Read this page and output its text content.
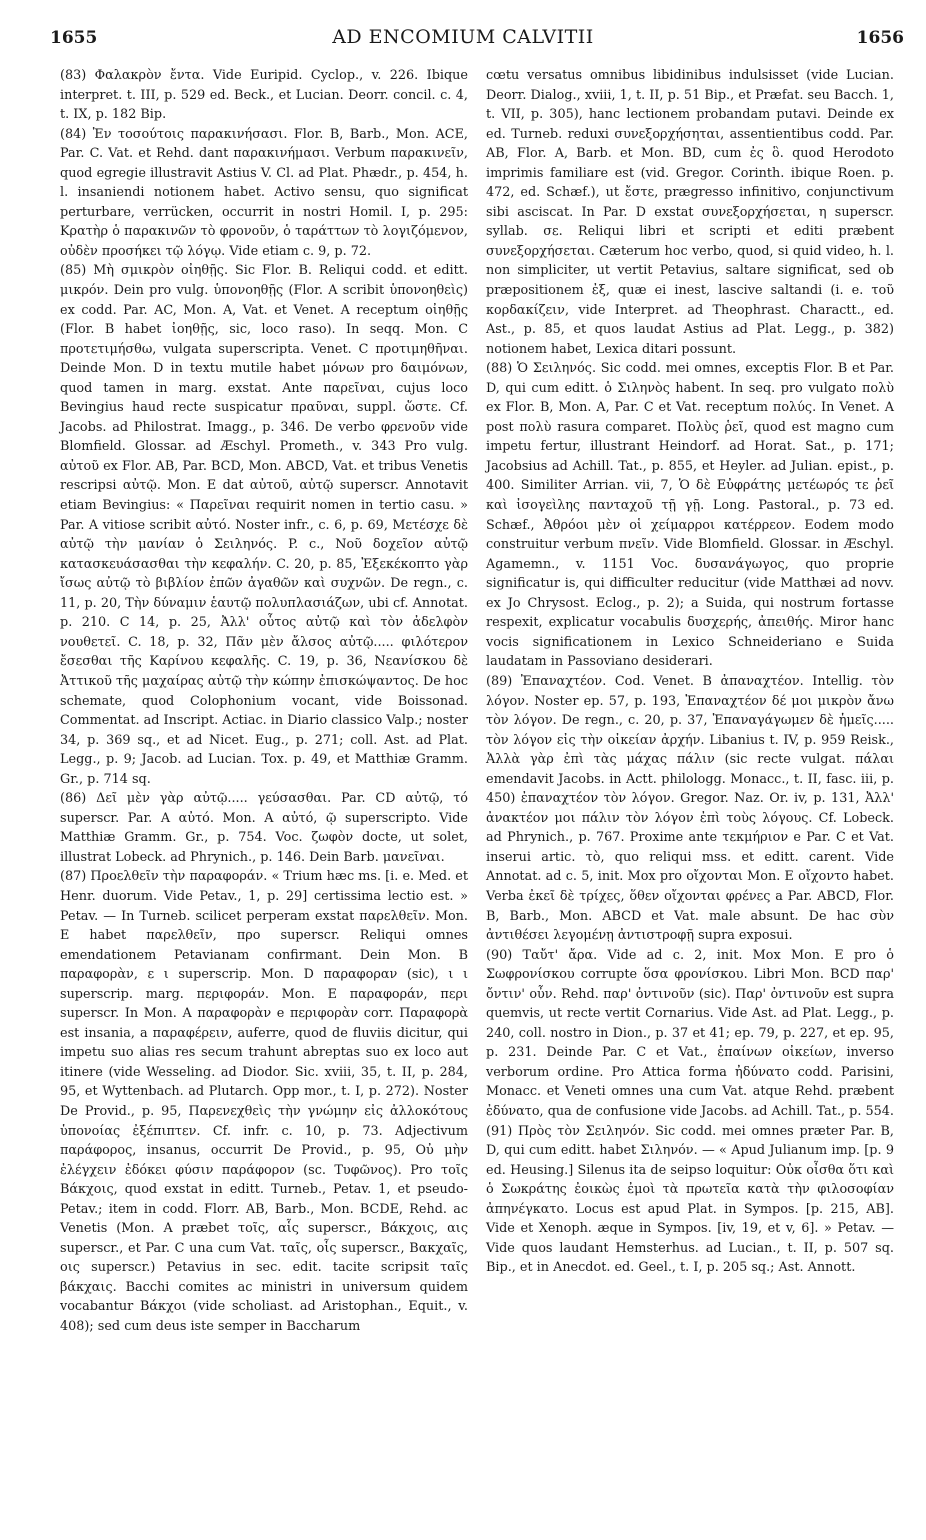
1655	AD ENCOMIUM CALVITII	1656

(83) Φαλακρὸν ἔντα. Vide Euripid. Cyclop., v. 226. Ibique interpret. t. III, p. 529 ed. Beck., et Lucian. Deorr. concil. c. 4, t. IX, p. 182 Bip.

(84) Ἐν τοσούτοις παρακινήσασι. Flor. B, Barb., Mon. ACE, Par. C. Vat. et Rehd. dant παρακινήμασι. Verbum παρακινεῖν, quod egregie illustravit Astius V. Cl. ad Plat. Phædr., p. 454, h. l. insaniendi notionem habet. Activo sensu, quo significat perturbare, verrücken, occurrit in nostri Homil. I, p. 295: Κρατὴρ ὁ παρακινῶν τὸ φρονοῦν, ὁ ταράττων τὸ λογιζόμενον, οὐδὲν προσήκει τῷ λόγῳ. Vide etiam c. 9, p. 72.

(85) Μὴ σμικρὸν οἰηθῇς. Sic Flor. B. Reliqui codd. et editt. μικρόν. Dein pro vulg. ὑπονοηθῇς (Flor. A scribit ὑπονοηθεὶς) ex codd. Par. AC, Mon. A, Vat. et Venet. A receptum οἰηθῇς (Flor. B habet ἰοηθῇς, sic, loco raso). In seqq. Mon. C προτετιμήσθω, vulgata superscripta. Venet. C προτιμηθῆναι. Deinde Mon. D in textu mutile habet μόνων pro δαιμόνων, quod tamen in marg. exstat. Ante παρεῖναι, cujus loco Bevingius haud recte suspicatur πραῦναι, suppl. ὥστε. Cf. Jacobs. ad Philostrat. Imagg., p. 346. De verbo φρενοῦν vide Blomfield. Glossar. ad Æschyl. Prometh., v. 343 Pro vulg. αὐτοῦ ex Flor. AB, Par. BCD, Mon. ABCD, Vat. et tribus Venetis rescripsi αὐτῷ. Mon. E dat αὐτοῦ, αὐτῷ superscr. Annotavit etiam Bevingius: « Παρεῖναι requirit nomen in tertio casu. » Par. A vitiose scribit αὐτό. Noster infr., c. 6, p. 69, Μετέσχε δὲ αὐτῷ τὴν μανίαν ὁ Σειληνός. P. c., Νοῦ δοχεῖον αὐτῷ κατασκευάσασθαι τὴν κεφαλήν. C. 20, p. 85, Ἐξεκέκοπτο γὰρ ἴσως αὐτῷ τὸ βιβλίον ἐπῶν ἀγαθῶν καὶ συχνῶν. De regn., c. 11, p. 20, Τὴν δύναμιν ἑαυτῷ πολυπλασιάζων, ubi cf. Annotat. p. 210. C 14, p. 25, Ἀλλ' οὗτος αὐτῷ καὶ τὸν ἀδελφὸν νουθετεῖ. C. 18, p. 32, Πᾶν μὲν ἄλσος αὐτῷ..... φιλότερον ἔσεσθαι τῆς Καρίνου κεφαλῆς. C. 19, p. 36, Νεανίσκου δὲ Ἀττικοῦ τῆς μαχαίρας αὐτῷ τὴν κώπην ἐπισκώψαντος. De hoc schemate, quod Colophonium vocant, vide Boissonad. Commentat. ad Inscript. Actiac. in Diario classico Valp.; noster 34, p. 369 sq., et ad Nicet. Eug., p. 271; coll. Ast. ad Plat. Legg., p. 9; Jacob. ad Lucian. Tox. p. 49, et Matthiæ Gramm. Gr., p. 714 sq.

(86) Δεῖ μὲν γὰρ αὐτῷ..... γεύσασθαι. Par. CD αὐτῷ, τό superscr. Par. A αὐτό. Mon. A αὐτό, ῷ superscripto. Vide Matthiæ Gramm. Gr., p. 754. Voc. ζωφὸν docte, ut solet, illustrat Lobeck. ad Phrynich., p. 146. Dein Barb. μανεῖναι.

(87) Προελθεῖν τὴν παραφοράν. « Trium hæc ms. [i. e. Med. et Henr. duorum. Vide Petav., 1, p. 29] certissima lectio est. » Petav. — In Turneb. scilicet perperam exstat παρελθεῖν. Mon. E habet παρελθεῖν, προ superscr. Reliqui omnes emendationem Petavianam confirmant. Dein Mon. B παραφορὰν, ε ι superscrip. Mon. D παραφοραν (sic), ι ι superscrip. marg. περιφοράν. Mon. E παραφοράν, περι superscr. In Mon. A παραφορὰν e περιφορὰν corr. Παραφορὰ est insania, a παραφέρειν, auferre, quod de fluviis dicitur, qui impetu suo alias res secum trahunt abreptas suo ex loco aut itinere (vide Wesseling. ad Diodor. Sic. xviii, 35, t. II, p. 284, 95, et Wyttenbach. ad Plutarch. Opp mor., t. I, p. 272). Noster De Provid., p. 95, Παρενεχθεὶς τὴν γνώμην εἰς ἀλλοκότους ὑπονοίας ἐξέπιπτεν. Cf. infr. c. 10, p. 73. Adjectivum παράφορος, insanus, occurrit De Provid., p. 95, Οὐ μὴν ἐλέγχειν ἐδόκει φύσιν παράφορον (sc. Τυφῶνος). Pro τοῖς Βάκχοις, quod exstat in editt. Turneb., Petav. 1, et pseudo-Petav.; item in codd. Florr. AB, Barb., Mon. BCDE, Rehd. ac Venetis (Mon. A præbet τοῖς, αἷς superscr., Βάκχοις, αις superscr., et Par. C una cum Vat. ταῖς, οἷς superscr., Βακχαῖς, οις superscr.) Petavius in sec. edit. tacite scripsit ταῖς βάκχαις. Bacchi comites ac ministri in universum quidem vocabantur Βάκχοι (vide scholiast. ad Aristophan., Equit., v. 408); sed cum deus iste semper in Baccharum

cœtu versatus omnibus libidinibus indulsisset (vide Lucian. Deorr. Dialog., xviii, 1, t. II, p. 51 Bip., et Præfat. seu Bacch. 1, t. VII, p. 305), hanc lectionem probandam putavi. Deinde ex ed. Turneb. reduxi συνεξορχήσηται, assentientibus codd. Par. AB, Flor. A, Barb. et Mon. BD, cum ἐς ὃ. quod Herodoto imprimis familiare est (vid. Gregor. Corinth. ibique Roen. p. 472, ed. Schæf.), ut ἔστε, prægresso infinitivo, conjunctivum sibi asciscat. In Par. D exstat συνεξορχήσεται, η superscr. syllab. σε. Reliqui libri et scripti et editi præbent συνεξορχήσεται. Cæterum hoc verbo, quod, si quid video, h. l. non simpliciter, ut vertit Petavius, saltare significat, sed ob præpositionem ἐξ, quæ ei inest, lascive saltandi (i. e. τοῦ κορδακίζειν, vide Interpret. ad Theophrast. Charactt., ed. Ast., p. 85, et quos laudat Astius ad Plat. Legg., p. 382) notionem habet, Lexica ditari possunt.

(88) Ὁ Σειληνός. Sic codd. mei omnes, exceptis Flor. B et Par. D, qui cum editt. ὁ Σιληνὸς habent. In seq. pro vulgato πολὺ ex Flor. B, Mon. A, Par. C et Vat. receptum πολύς. In Venet. A post πολὺ rasura comparet. Πολὺς ῥεῖ, quod est magno cum impetu fertur, illustrant Heindorf. ad Horat. Sat., p. 171; Jacobsius ad Achill. Tat., p. 855, et Heyler. ad Julian. epist., p. 400. Similiter Arrian. vii, 7, Ὁ δὲ Εὐφράτης μετέωρός τε ῥεῖ καὶ ἰσογεὶλης πανταχοῦ τῇ γῇ. Long. Pastoral., p. 73 ed. Schæf., Ἀθρόοι μὲν οἱ χείμαρροι κατέρρεον. Eodem modo construitur verbum πνεῖν. Vide Blomfield. Glossar. in Æschyl. Agamemn., v. 1151 Voc. δυσανάγωγος, quo proprie significatur is, qui difficulter reducitur (vide Matthæi ad novv. ex Jo Chrysost. Eclog., p. 2); a Suida, qui nostrum fortasse respexit, explicatur vocabulis δυσχερής, ἀπειθής. Miror hanc vocis significationem in Lexico Schneideriano e Suida laudatam in Passoviano desiderari.

(89) Ἐπαναχτέον. Cod. Venet. B ἀπαναχτέον. Intellig. τὸν λόγον. Noster ep. 57, p. 193, Ἐπαναχτέον δέ μοι μικρὸν ἄνω τὸν λόγον. De regn., c. 20, p. 37, Ἐπαναγάγωμεν δὲ ἡμεῖς..... τὸν λόγον εἰς τὴν οἰκείαν ἀρχήν. Libanius t. IV, p. 959 Reisk., Ἀλλὰ γὰρ ἐπὶ τὰς μάχας πάλιν (sic recte vulgat. πάλαι emendavit Jacobs. in Actt. philologg. Monacc., t. II, fasc. iii, p. 450) ἐπαναχτέον τὸν λόγον. Gregor. Naz. Or. iv, p. 131, Ἀλλ' ἀνακτέον μοι πάλιν τὸν λόγον ἐπὶ τοὺς λόγους. Cf. Lobeck. ad Phrynich., p. 767. Proxime ante τεκμήριον e Par. C et Vat. inserui artic. τὸ, quo reliqui mss. et editt. carent. Vide Annotat. ad c. 5, init. Mox pro οἴχονται Mon. E οἴχοντο habet. Verba ἐκεῖ δὲ τρίχες, ὅθεν οἴχονται φρένες a Par. ABCD, Flor. B, Barb., Mon. ABCD et Vat. male absunt. De hac σὺν ἀντιθέσει λεγομένῃ ἀντιστροφῇ supra exposui.

(90) Ταὔτ' ἄρα. Vide ad c. 2, init. Mox Mon. E pro ὁ Σωφρονίσκου corrupte ὅσα φρονίσκου. Libri Mon. BCD παρ' ὄντιν' οὖν. Rehd. παρ' ὀντινοῦν (sic). Παρ' ὀντινοῦν est supra quemvis, ut recte vertit Cornarius. Vide Ast. ad Plat. Legg., p. 240, coll. nostro in Dion., p. 37 et 41; ep. 79, p. 227, et ep. 95, p. 231. Deinde Par. C et Vat., ἐπαίνων οἰκείων, inverso verborum ordine. Pro Attica forma ἠδύνατο codd. Parisini, Monacc. et Veneti omnes una cum Vat. atque Rehd. præbent ἐδύνατο, qua de confusione vide Jacobs. ad Achill. Tat., p. 554.

(91) Πρὸς τὸν Σειληνόν. Sic codd. mei omnes præter Par. B, D, qui cum editt. habet Σιληνόν. — « Apud Julianum imp. [p. 9 ed. Heusing.] Silenus ita de seipso loquitur: Οὐκ οἶσθα ὅτι καὶ ὁ Σωκράτης ἐοικὼς ἐμοὶ τὰ πρωτεῖα κατὰ τὴν φιλοσοφίαν ἀπηνέγκατο. Locus est apud Plat. in Sympos. [p. 215, AB]. Vide et Xenoph. æque in Sympos. [iv, 19, et v, 6]. » Petav. — Vide quos laudant Hemsterhus. ad Lucian., t. II, p. 507 sq. Bip., et in Anecdot. ed. Geel., t. I, p. 205 sq.; Ast. Annott.
